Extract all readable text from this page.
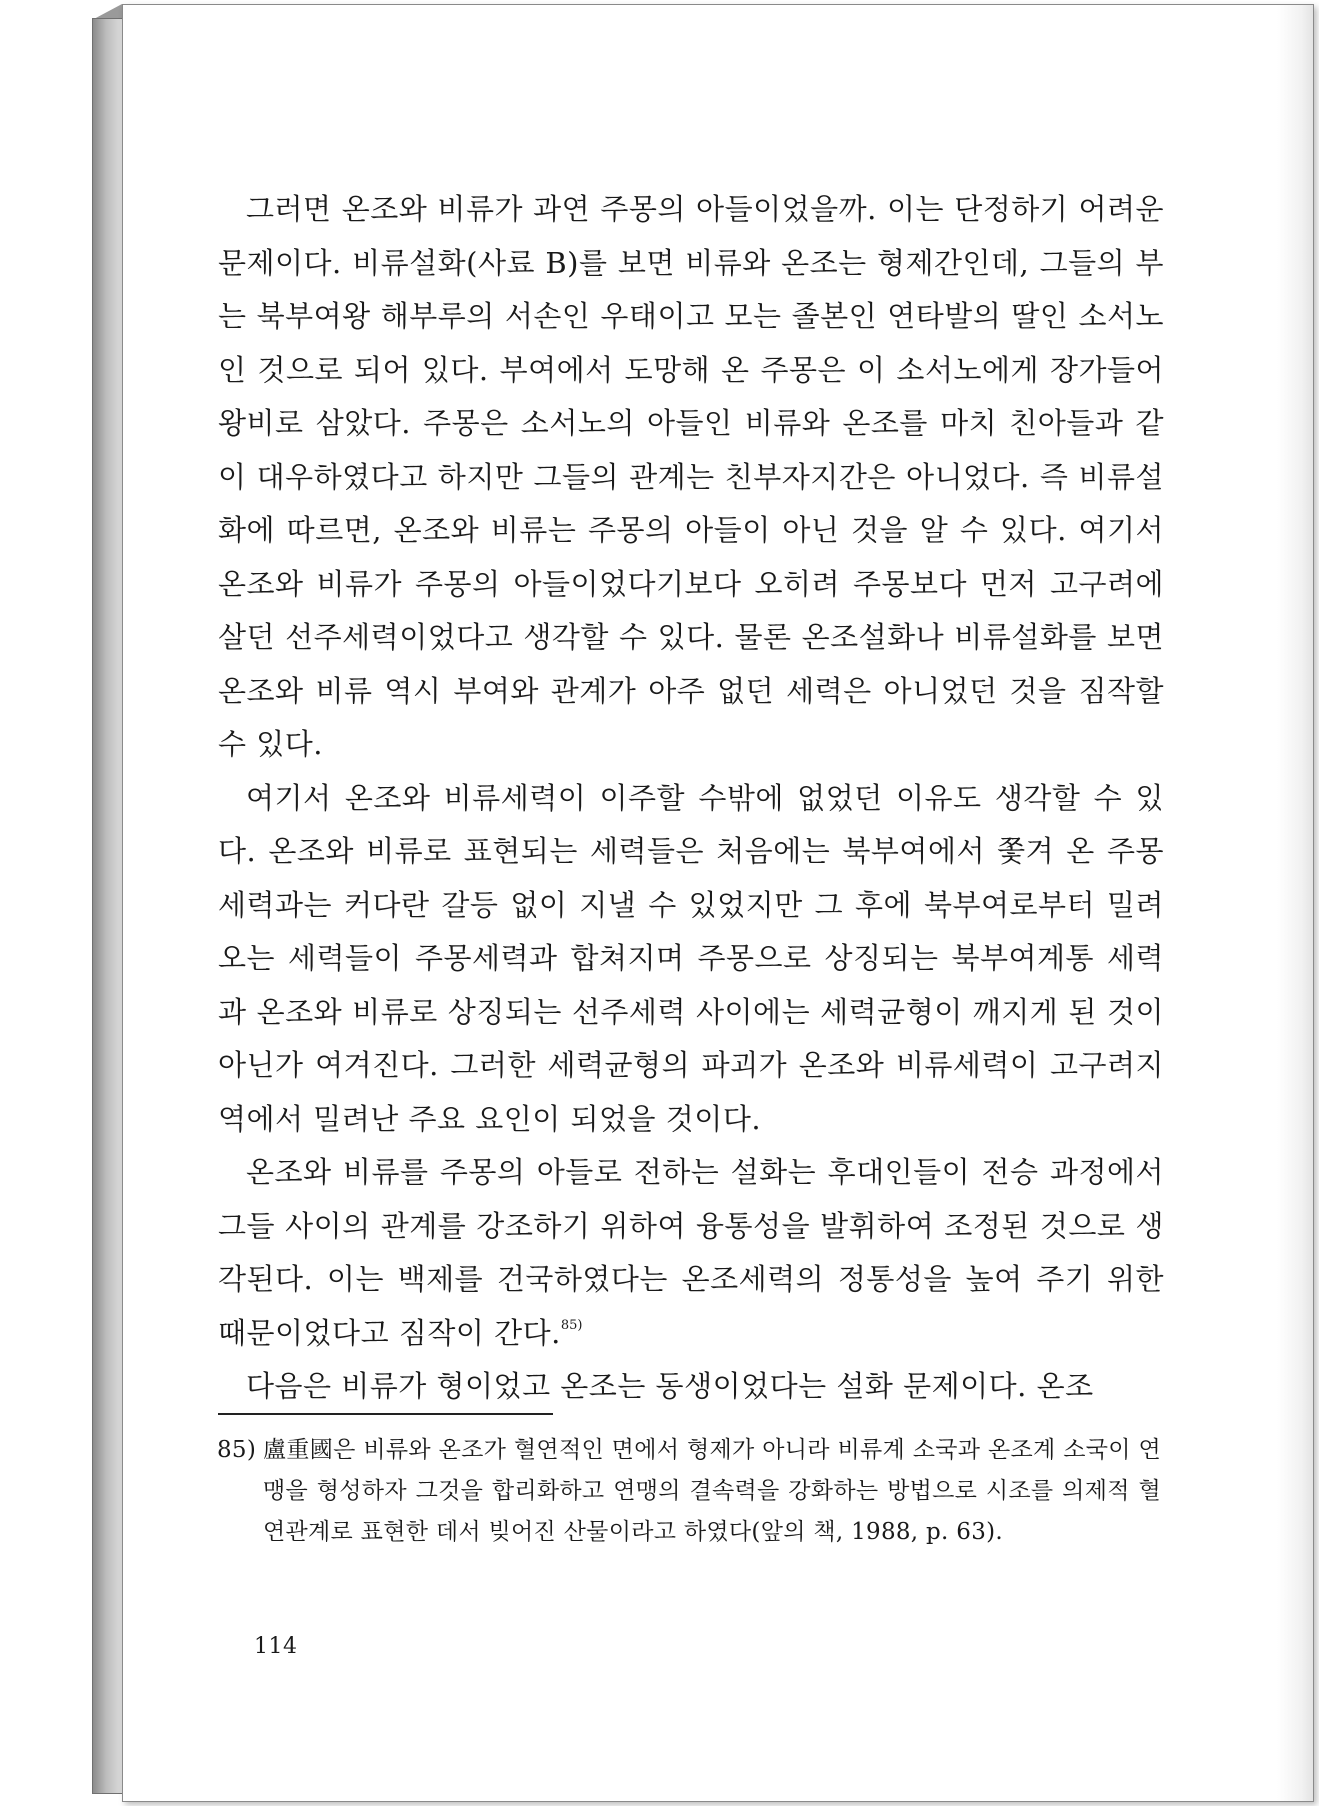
그러면 온조와 비류가 과연 주몽의 아들이었을까. 이는 단정하기 어려운 문제이다. 비류설화(사료 B)를 보면 비류와 온조는 형제간인데, 그들의 부는 북부여왕 해부루의 서손인 우태이고 모는 졸본인 연타발의 딸인 소서노인 것으로 되어 있다. 부여에서 도망해 온 주몽은 이 소서노에게 장가들어 왕비로 삼았다. 주몽은 소서노의 아들인 비류와 온조를 마치 친아들과 같이 대우하였다고 하지만 그들의 관계는 친부자지간은 아니었다. 즉 비류설화에 따르면, 온조와 비류는 주몽의 아들이 아닌 것을 알 수 있다. 여기서 온조와 비류가 주몽의 아들이었다기보다 오히려 주몽보다 먼저 고구려에 살던 선주세력이었다고 생각할 수 있다. 물론 온조설화나 비류설화를 보면 온조와 비류 역시 부여와 관계가 아주 없던 세력은 아니었던 것을 짐작할 수 있다.

여기서 온조와 비류세력이 이주할 수밖에 없었던 이유도 생각할 수 있다. 온조와 비류로 표현되는 세력들은 처음에는 북부여에서 쫓겨 온 주몽세력과는 커다란 갈등 없이 지낼 수 있었지만 그 후에 북부여로부터 밀려오는 세력들이 주몽세력과 합쳐지며 주몽으로 상징되는 북부여계통 세력과 온조와 비류로 상징되는 선주세력 사이에는 세력균형이 깨지게 된 것이 아닌가 여겨진다. 그러한 세력균형의 파괴가 온조와 비류세력이 고구려지역에서 밀려난 주요 요인이 되었을 것이다.

온조와 비류를 주몽의 아들로 전하는 설화는 후대인들이 전승 과정에서 그들 사이의 관계를 강조하기 위하여 융통성을 발휘하여 조정된 것으로 생각된다. 이는 백제를 건국하였다는 온조세력의 정통성을 높여 주기 위한 때문이었다고 짐작이 간다.$^{85)}$

다음은 비류가 형이었고 온조는 동생이었다는 설화 문제이다. 온조

85) 盧重國은 비류와 온조가 혈연적인 면에서 형제가 아니라 비류계 소국과 온조계 소국이 연맹을 형성하자 그것을 합리화하고 연맹의 결속력을 강화하는 방법으로 시조를 의제적 혈연관계로 표현한 데서 빚어진 산물이라고 하였다(앞의 책, 1988, p. 63).
114
